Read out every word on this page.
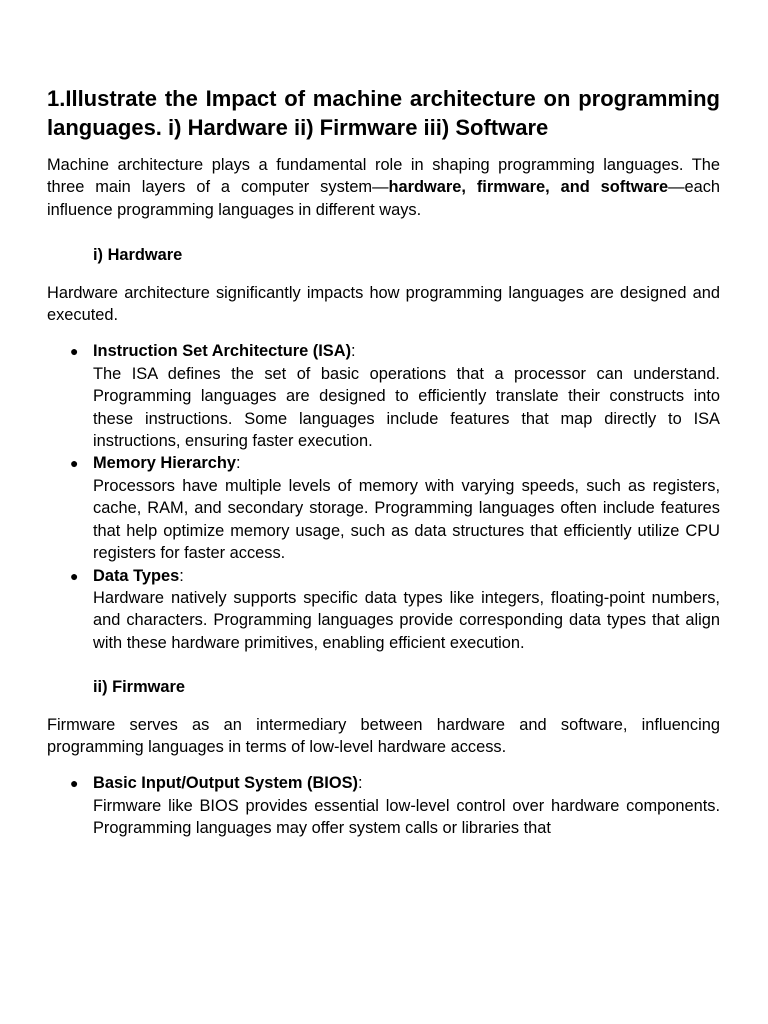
1.Illustrate the Impact of machine architecture on programming languages. i) Hardware ii) Firmware iii) Software

Machine architecture plays a fundamental role in shaping programming languages. The three main layers of a computer system—hardware, firmware, and software—each influence programming languages in different ways.

i) Hardware

Hardware architecture significantly impacts how programming languages are designed and executed.

● Instruction Set Architecture (ISA):
The ISA defines the set of basic operations that a processor can understand. Programming languages are designed to efficiently translate their constructs into these instructions. Some languages include features that map directly to ISA instructions, ensuring faster execution.
● Memory Hierarchy:
Processors have multiple levels of memory with varying speeds, such as registers, cache, RAM, and secondary storage. Programming languages often include features that help optimize memory usage, such as data structures that efficiently utilize CPU registers for faster access.
● Data Types:
Hardware natively supports specific data types like integers, floating-point numbers, and characters. Programming languages provide corresponding data types that align with these hardware primitives, enabling efficient execution.
ii) Firmware

Firmware serves as an intermediary between hardware and software, influencing programming languages in terms of low-level hardware access.

● Basic Input/Output System (BIOS):
Firmware like BIOS provides essential low-level control over hardware components. Programming languages may offer system calls or libraries that
